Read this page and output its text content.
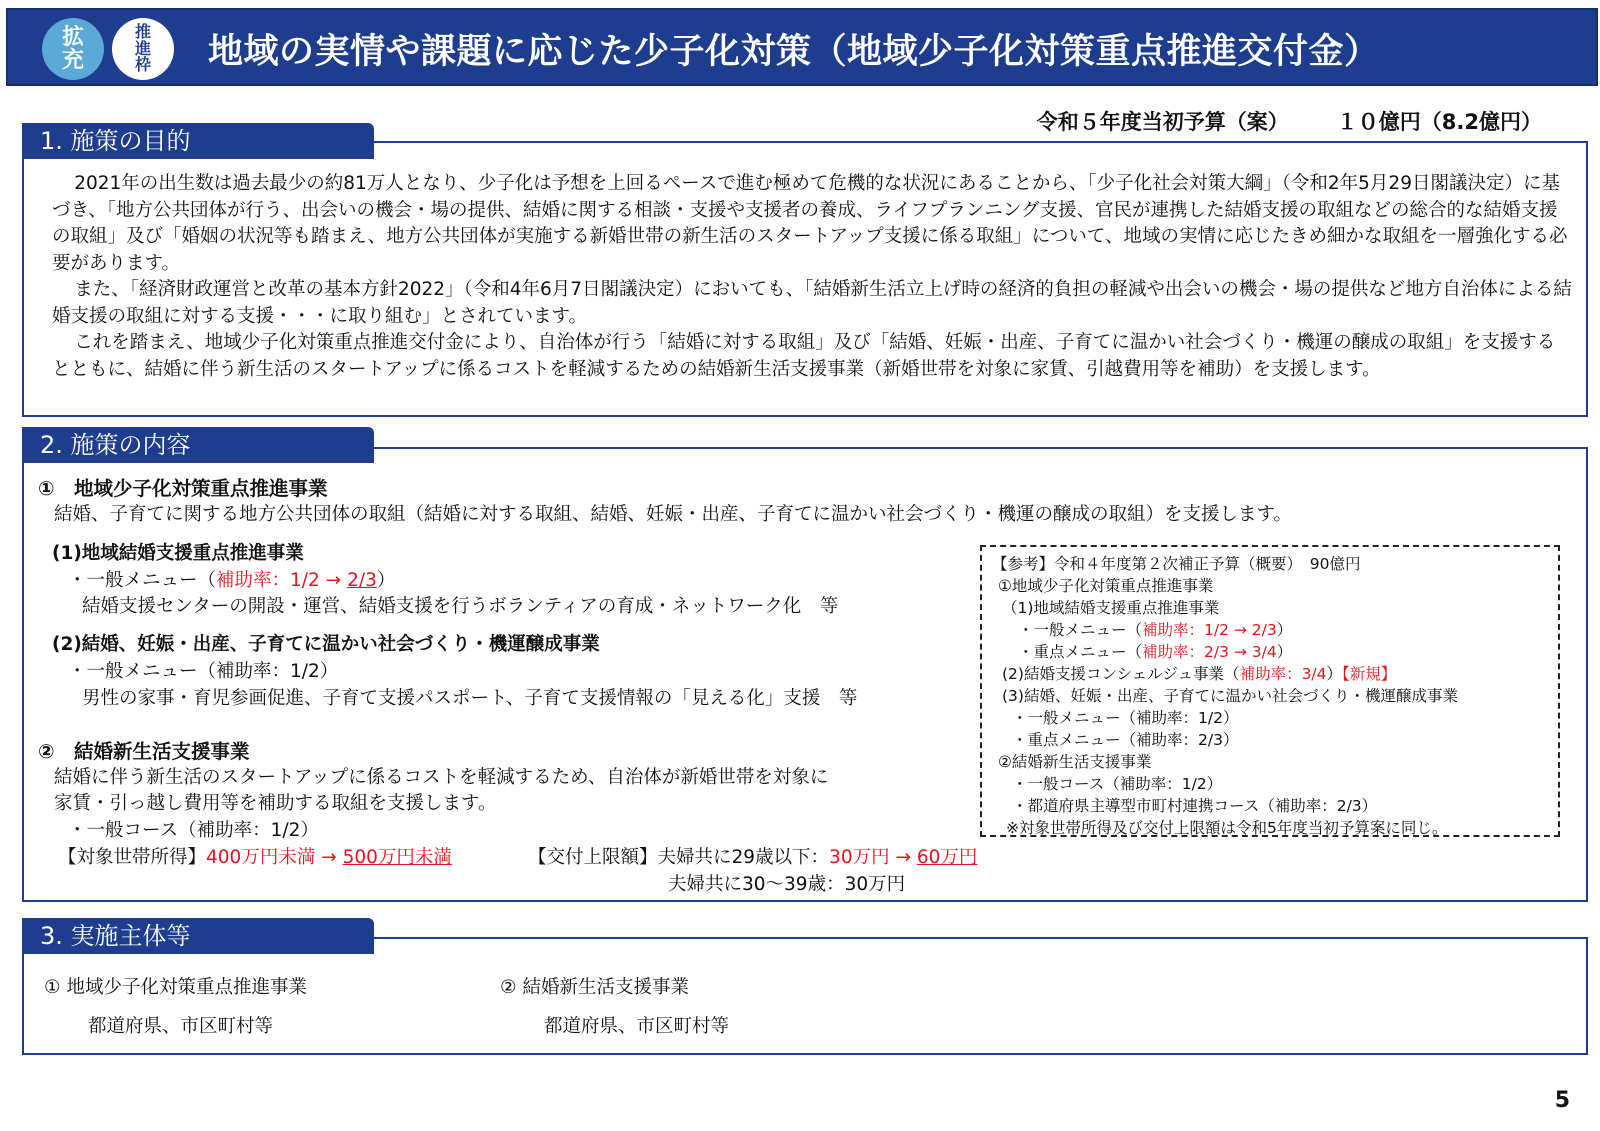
拡
充
推
進
枠 地域の実情や課題に応じた少子化対策（地域少子化対策重点推進交付金）
令和５年度当初予算（案） １０億円（8.2億円）

2021年の出生数は過去最少の約81万人となり、少子化は予想を上回るペースで進む極めて危機的な状況にあることから、「少子化社会対策大綱」（令和2年5月29日閣議決定）に基づき、「地方公共団体が行う、出会いの機会・場の提供、結婚に関する相談・支援や支援者の養成、ライフプランニング支援、官民が連携した結婚支援の取組などの総合的な結婚支援の取組」及び「婚姻の状況等も踏まえ、地方公共団体が実施する新婚世帯の新生活のスタートアップ支援に係る取組」について、地域の実情に応じたきめ細かな取組を一層強化する必要があります。

また、「経済財政運営と改革の基本方針2022」（令和4年6月7日閣議決定）においても、「結婚新生活立上げ時の経済的負担の軽減や出会いの機会・場の提供など地方自治体による結婚支援の取組に対する支援・・・に取り組む」とされています。

これを踏まえ、地域少子化対策重点推進交付金により、自治体が行う「結婚に対する取組」及び「結婚、妊娠・出産、子育てに温かい社会づくり・機運の醸成の取組」を支援するとともに、結婚に伴う新生活のスタートアップに係るコストを軽減するための結婚新生活支援事業（新婚世帯を対象に家賃、引越費用等を補助）を支援します。

1. 施策の目的
2. 施策の内容
①　地域少子化対策重点推進事業
結婚、子育てに関する地方公共団体の取組（結婚に対する取組、結婚、妊娠・出産、子育てに温かい社会づくり・機運の醸成の取組）を支援します。
(1)地域結婚支援重点推進事業
・一般メニュー（補助率：1/2 → 2/3）
結婚支援センターの開設・運営、結婚支援を行うボランティアの育成・ネットワーク化　等
(2)結婚、妊娠・出産、子育てに温かい社会づくり・機運醸成事業
・一般メニュー（補助率：1/2）
男性の家事・育児参画促進、子育て支援パスポート、子育て支援情報の「見える化」支援　等
②　結婚新生活支援事業
結婚に伴う新生活のスタートアップに係るコストを軽減するため、自治体が新婚世帯を対象に
家賃・引っ越し費用等を補助する取組を支援します。
・一般コース（補助率：1/2）
【対象世帯所得】400万円未満 → 500万円未満	【交付上限額】夫婦共に29歳以下：30万円 → 60万円
夫婦共に30～39歳：30万円
【参考】令和４年度第２次補正予算（概要）　90億円
①地域少子化対策重点推進事業
（1)地域結婚支援重点推進事業
・一般メニュー（補助率：1/2 → 2/3）
・重点メニュー（補助率：2/3 → 3/4）
(2)結婚支援コンシェルジュ事業（補助率：3/4）【新規】
(3)結婚、妊娠・出産、子育てに温かい社会づくり・機運醸成事業
・一般メニュー（補助率：1/2）
・重点メニュー（補助率：2/3）
②結婚新生活支援事業
・一般コース（補助率：1/2）
・都道府県主導型市町村連携コース（補助率：2/3）
※対象世帯所得及び交付上限額は令和5年度当初予算案に同じ。
3. 実施主体等
① 地域少子化対策重点推進事業
都道府県、市区町村等
② 結婚新生活支援事業
都道府県、市区町村等
5
